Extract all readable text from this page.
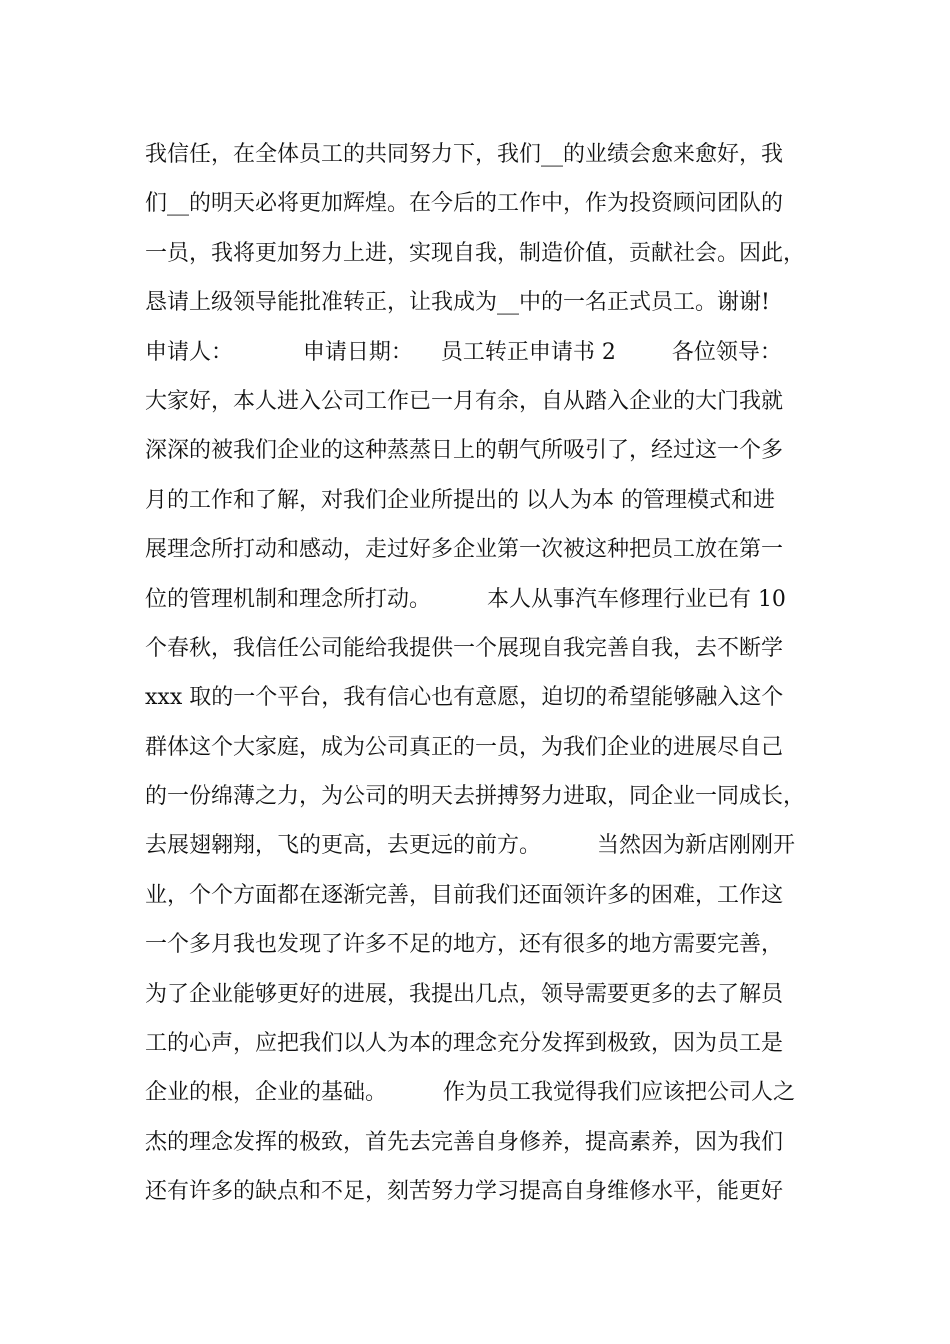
我信任，在全体员工的共同努力下，我们__的业绩会愈来愈好，我
们__的明天必将更加辉煌。在今后的工作中，作为投资顾问团队的
一员，我将更加努力上进，实现自我，制造价值，贡献社会。因此，
恳请上级领导能批准转正，让我成为__中的一名正式员工。谢谢!
申请人：          申请日期：    员工转正申请书 2        各位领导：
大家好，本人进入公司工作已一月有余，自从踏入企业的大门我就
深深的被我们企业的这种蒸蒸日上的朝气所吸引了，经过这一个多
月的工作和了解，对我们企业所提出的 以人为本 的管理模式和进
展理念所打动和感动，走过好多企业第一次被这种把员工放在第一
位的管理机制和理念所打动。        本人从事汽车修理行业已有 10
个春秋，我信任公司能给我提供一个展现自我完善自我，去不断学
xxx 取的一个平台，我有信心也有意愿，迫切的希望能够融入这个
群体这个大家庭，成为公司真正的一员，为我们企业的进展尽自己
的一份绵薄之力，为公司的明天去拼搏努力进取，同企业一同成长，
去展翅翱翔，飞的更高，去更远的前方。        当然因为新店刚刚开
业，个个方面都在逐渐完善，目前我们还面领许多的困难，工作这
一个多月我也发现了许多不足的地方，还有很多的地方需要完善，
为了企业能够更好的进展，我提出几点，领导需要更多的去了解员
工的心声，应把我们以人为本的理念充分发挥到极致，因为员工是
企业的根，企业的基础。        作为员工我觉得我们应该把公司人之
杰的理念发挥的极致，首先去完善自身修养，提高素养，因为我们
还有许多的缺点和不足，刻苦努力学习提高自身维修水平，能更好
